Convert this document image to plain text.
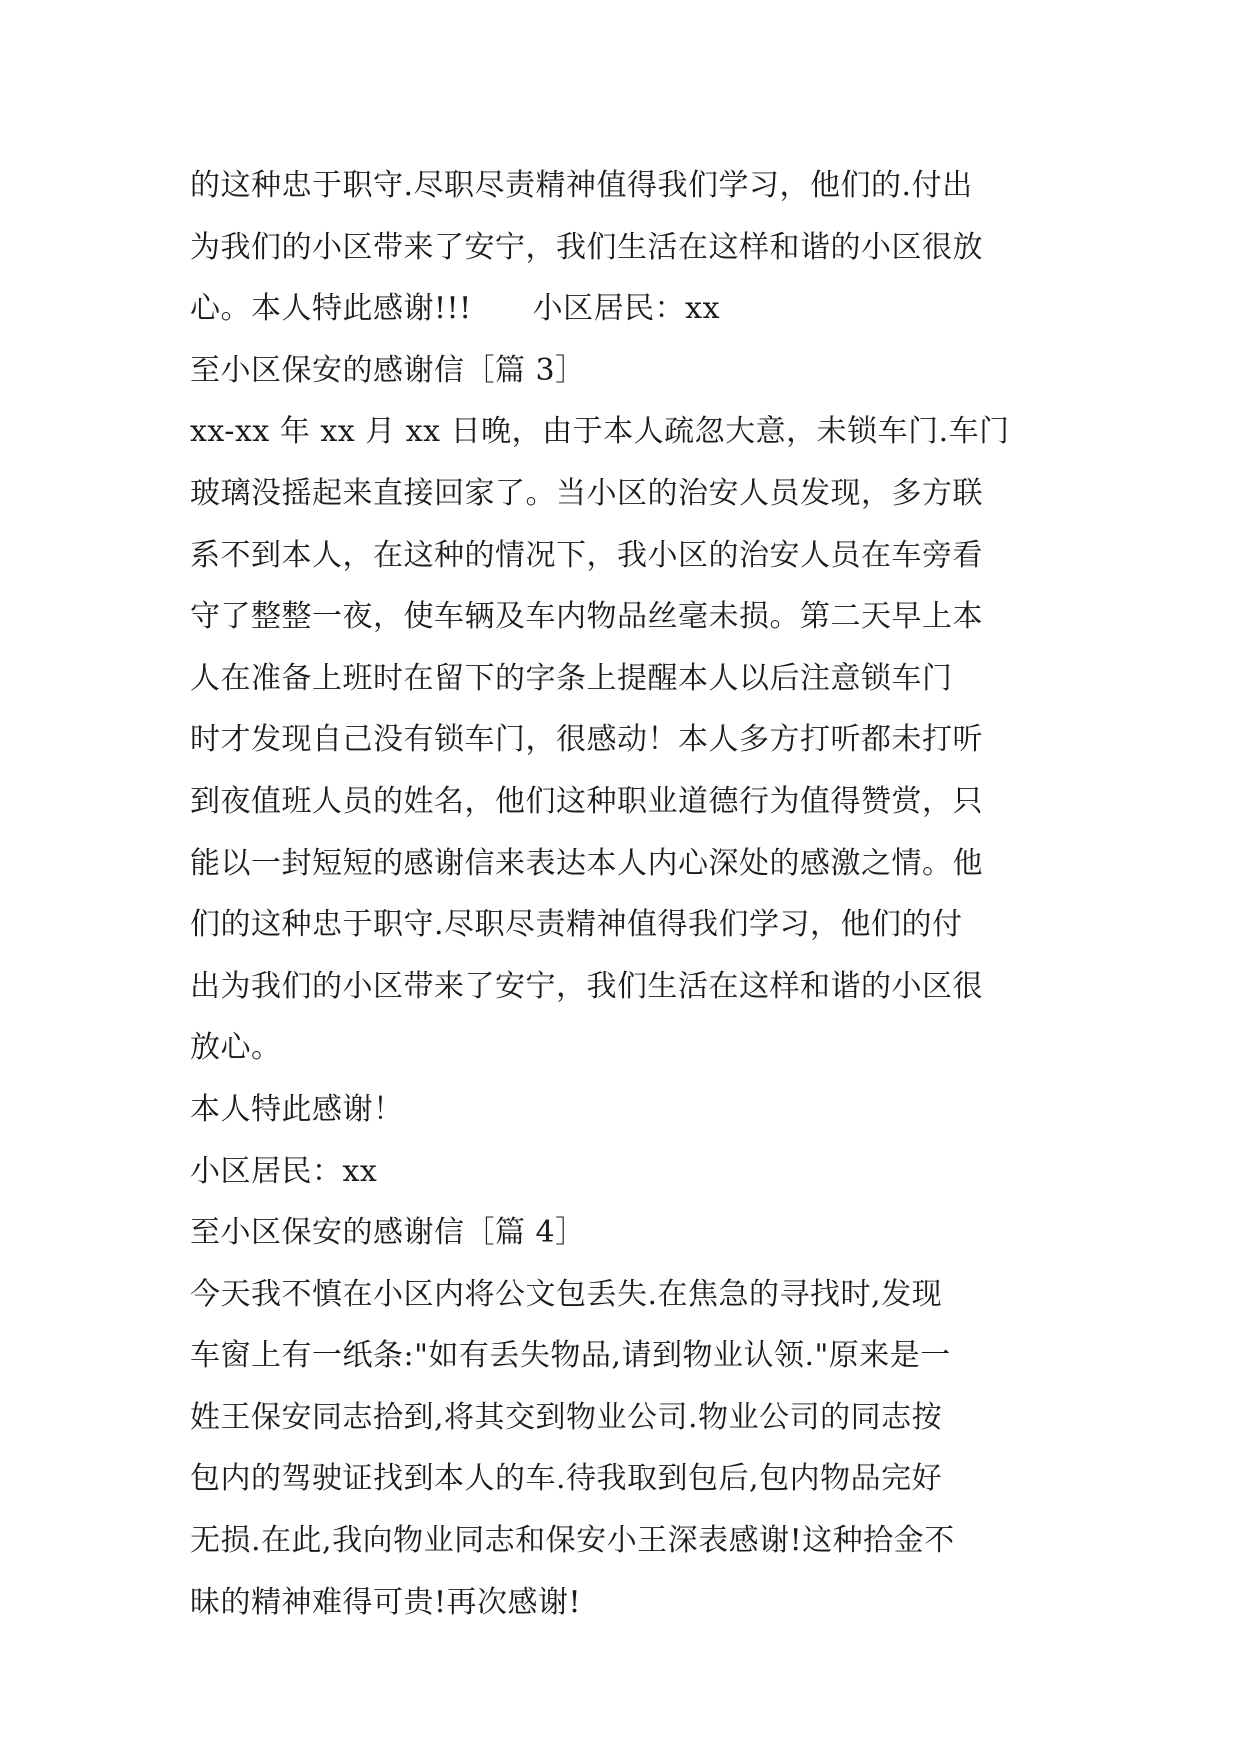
的这种忠于职守.尽职尽责精神值得我们学习，他们的.付出
为我们的小区带来了安宁，我们生活在这样和谐的小区很放
心。本人特此感谢!!!　　小区居民：xx
至小区保安的感谢信［篇 3］
xx-xx 年 xx 月 xx 日晚，由于本人疏忽大意，未锁车门.车门
玻璃没摇起来直接回家了。当小区的治安人员发现，多方联
系不到本人，在这种的情况下，我小区的治安人员在车旁看
守了整整一夜，使车辆及车内物品丝毫未损。第二天早上本
人在准备上班时在留下的字条上提醒本人以后注意锁车门
时才发现自己没有锁车门，很感动！本人多方打听都未打听
到夜值班人员的姓名，他们这种职业道德行为值得赞赏，只
能以一封短短的感谢信来表达本人内心深处的感激之情。他
们的这种忠于职守.尽职尽责精神值得我们学习，他们的付
出为我们的小区带来了安宁，我们生活在这样和谐的小区很
放心。
本人特此感谢！
小区居民：xx
至小区保安的感谢信［篇 4］
今天我不慎在小区内将公文包丢失.在焦急的寻找时,发现
车窗上有一纸条:"如有丢失物品,请到物业认领."原来是一
姓王保安同志拾到,将其交到物业公司.物业公司的同志按
包内的驾驶证找到本人的车.待我取到包后,包内物品完好
无损.在此,我向物业同志和保安小王深表感谢!这种拾金不
昧的精神难得可贵!再次感谢!
